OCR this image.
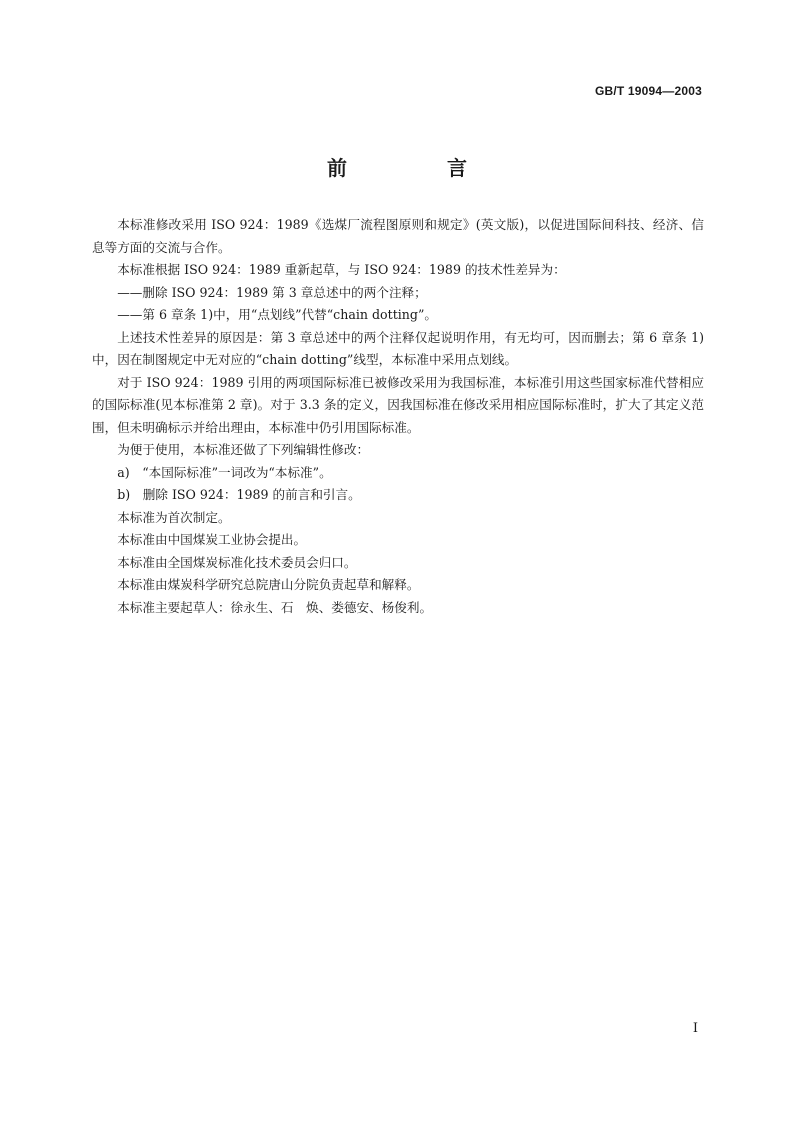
GB/T 19094—2003
前　言

本标准修改采用 ISO 924：1989《选煤厂流程图原则和规定》(英文版)，以促进国际间科技、经济、信息等方面的交流与合作。

本标准根据 ISO 924：1989 重新起草，与 ISO 924：1989 的技术性差异为：

——删除 ISO 924：1989 第 3 章总述中的两个注释；

——第 6 章条 1)中，用“点划线”代替“chain dotting”。

上述技术性差异的原因是：第 3 章总述中的两个注释仅起说明作用，有无均可，因而删去；第 6 章条 1)中，因在制图规定中无对应的“chain dotting”线型，本标准中采用点划线。

对于 ISO 924：1989 引用的两项国际标准已被修改采用为我国标准，本标准引用这些国家标准代替相应的国际标准(见本标准第 2 章)。对于 3.3 条的定义，因我国标准在修改采用相应国际标准时，扩大了其定义范围，但未明确标示并给出理由，本标准中仍引用国际标准。

为便于使用，本标准还做了下列编辑性修改：

a)　“本国际标准”一词改为“本标准”。

b)　删除 ISO 924：1989 的前言和引言。

本标准为首次制定。

本标准由中国煤炭工业协会提出。

本标准由全国煤炭标准化技术委员会归口。

本标准由煤炭科学研究总院唐山分院负责起草和解释。

本标准主要起草人：徐永生、石　焕、娄德安、杨俊利。

I
